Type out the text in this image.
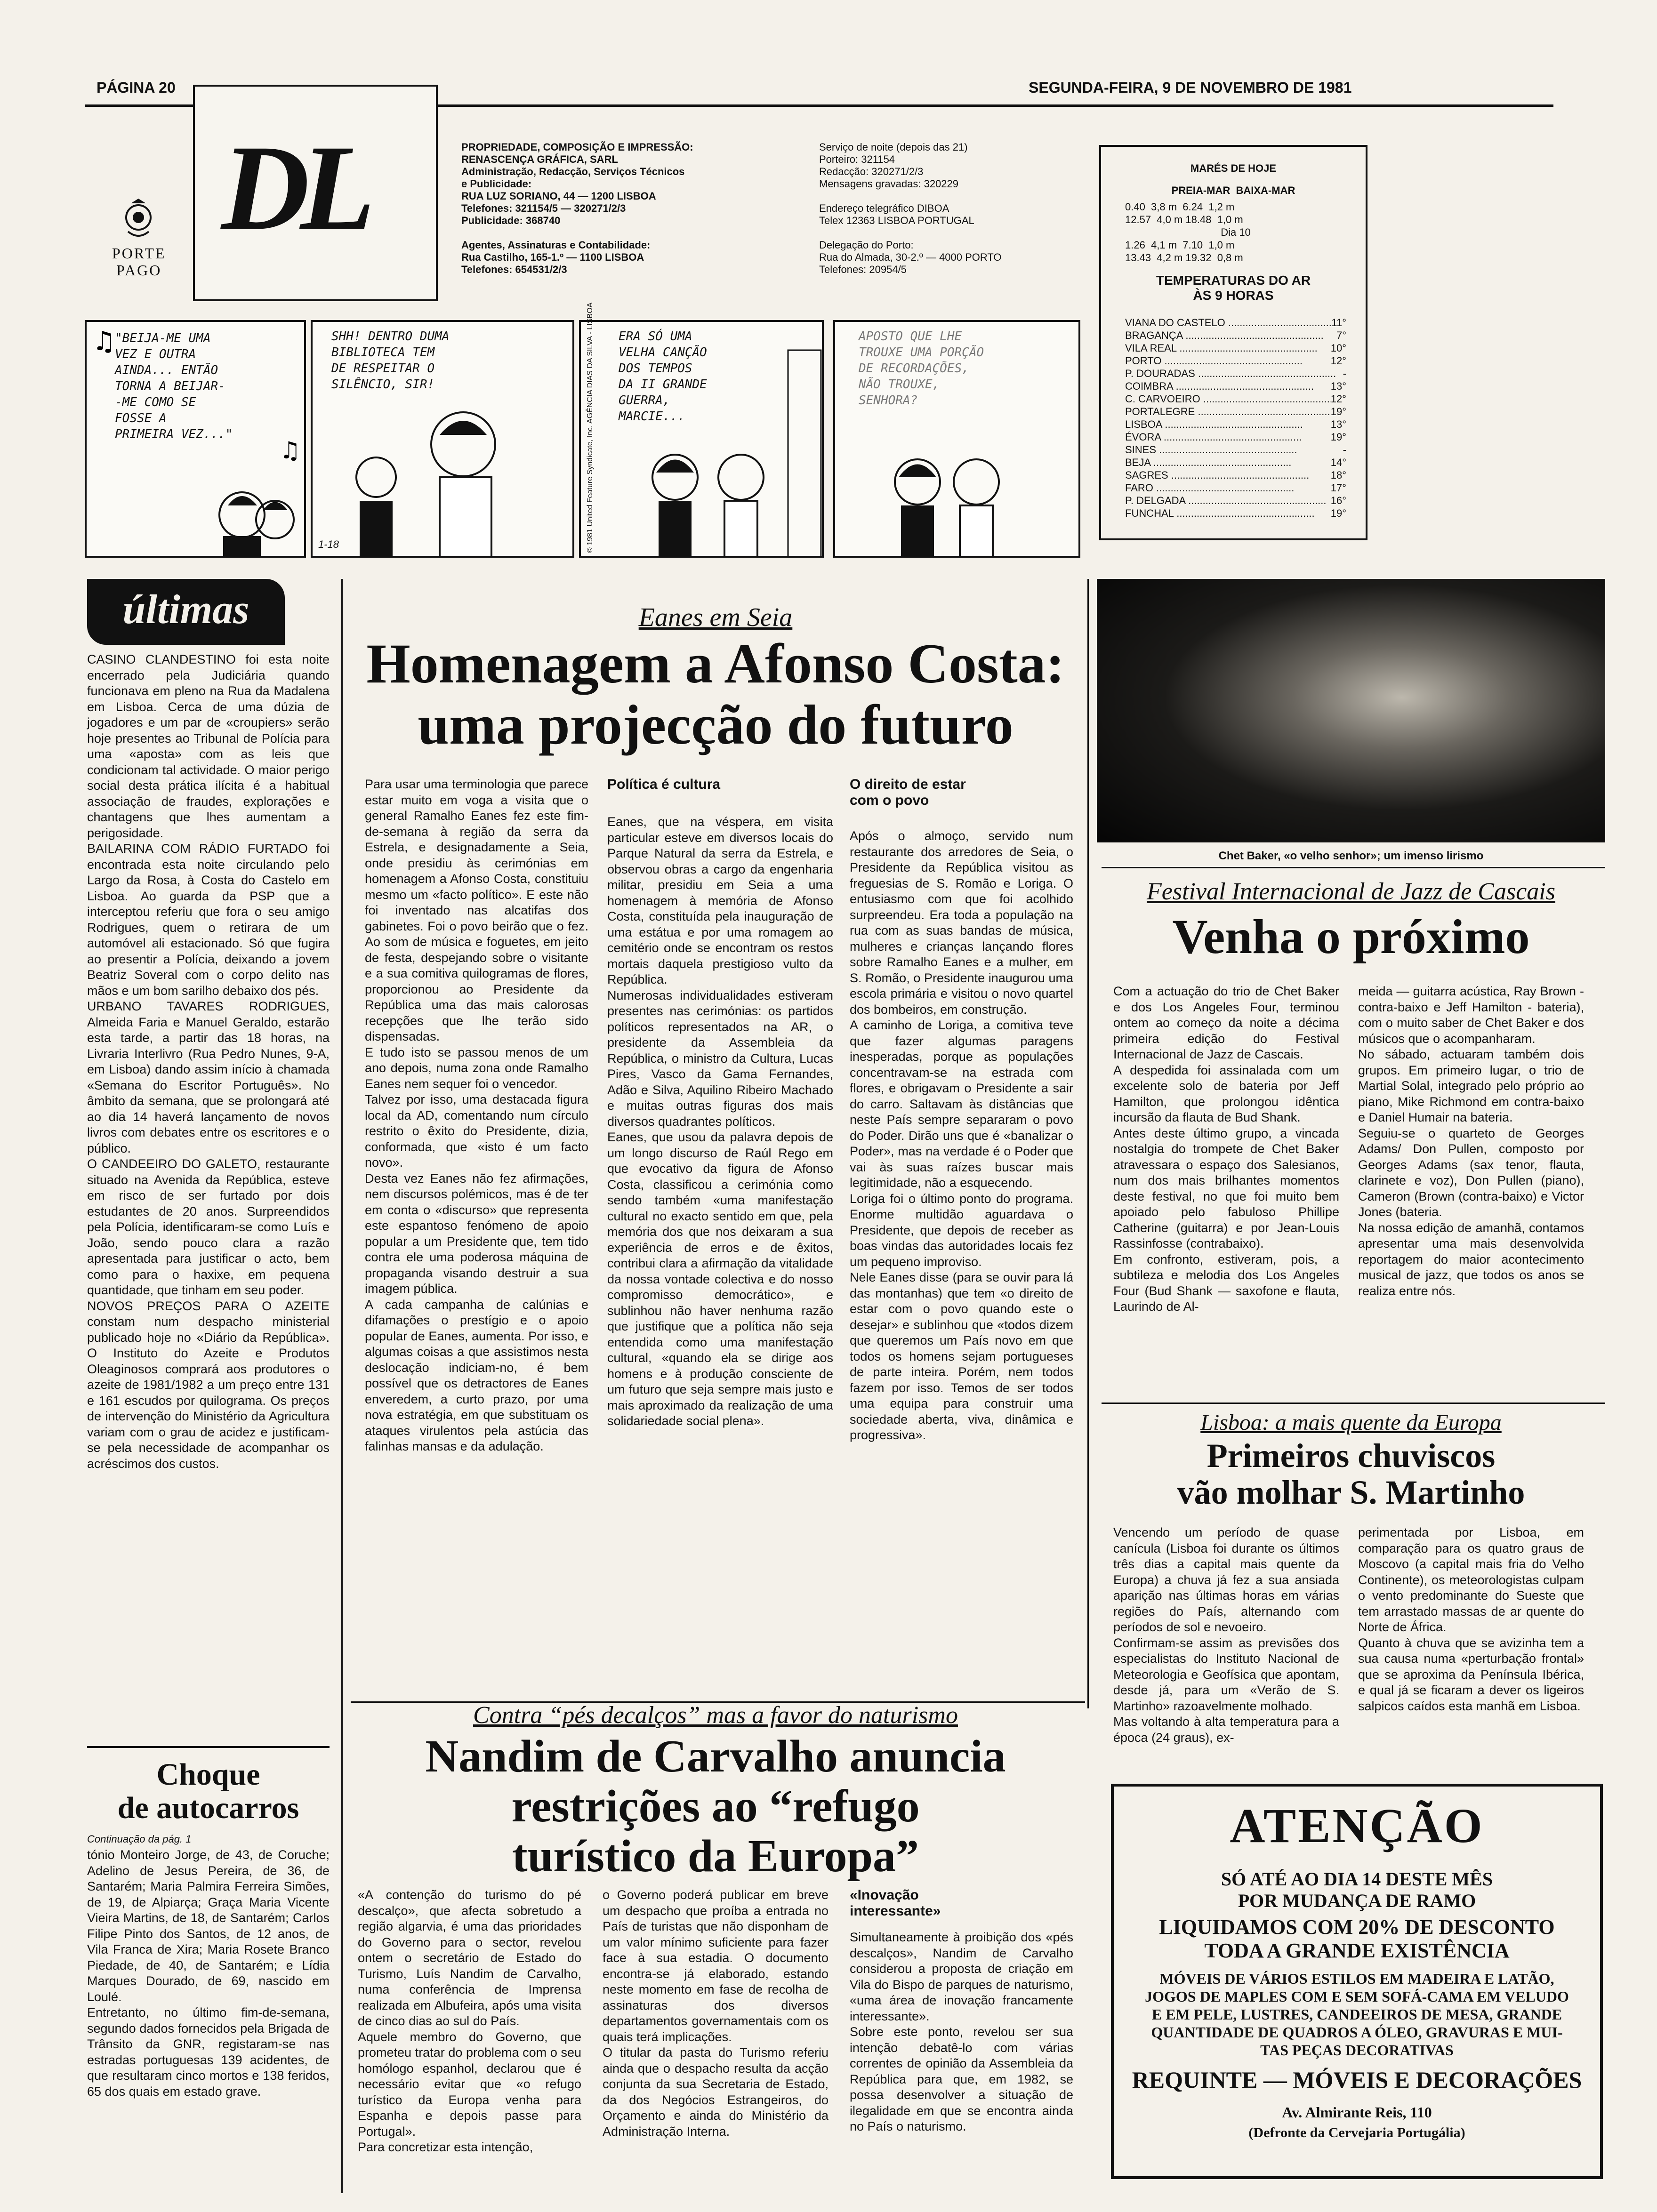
PÁGINA 20	SEGUNDA-FEIRA, 9 DE NOVEMBRO DE 1981
DL
PORTE
PAGO
PROPRIEDADE, COMPOSIÇÃO E IMPRESSÃO:
RENASCENÇA GRÁFICA, SARL
Administração, Redacção, Serviços Técnicos
e Publicidade:
RUA LUZ SORIANO, 44 — 1200 LISBOA
Telefones: 321154/5 — 320271/2/3
Publicidade: 368740

Agentes, Assinaturas e Contabilidade:
Rua Castilho, 165-1.º — 1100 LISBOA
Telefones: 654531/2/3
Serviço de noite (depois das 21)
Porteiro: 321154
Redacção: 320271/2/3
Mensagens gravadas: 320229

Endereço telegráfico DIBOA
Telex 12363 LISBOA PORTUGAL

Delegação do Porto:
Rua do Almada, 30-2.º — 4000 PORTO
Telefones: 20954/5
MARÉS DE HOJE
PREIA-MAR  BAIXA-MAR
0.40  3,8 m  6.24  1,2 m
12.57  4,0 m 18.48  1,0 m
Dia 10
1.26  4,1 m  7.10  1,0 m
13.43  4,2 m 19.32  0,8 m
TEMPERATURAS DO AR
ÀS 9 HORAS
VIANA DO CASTELO .....	11°
BRAGANÇA .....	7°
VILA REAL .....	10°
PORTO .....	12°
P. DOURADAS .....	-
COIMBRA .....	13°
C. CARVOEIRO .....	12°
PORTALEGRE .....	19°
LISBOA .....	13°
ÉVORA .....	19°
SINES .....	-
BEJA .....	14°
SAGRES .....	18°
FARO .....	17°
P. DELGADA .....	16°
FUNCHAL .....	19°
"BEIJA-ME UMA
VEZ E OUTRA
AINDA... ENTÃO
TORNA A BEIJAR-
-ME COMO SE
FOSSE A
PRIMEIRA VEZ..."
♫
♫
SHH! DENTRO DUMA
BIBLIOTECA TEM
DE RESPEITAR O
SILÊNCIO, SIR!
1-18
ERA SÓ UMA
VELHA CANÇÃO
DOS TEMPOS
DA II GRANDE
GUERRA,
MARCIE...
© 1981 United Feature Syndicate, Inc. AGÊNCIA DIAS DA SILVA - LISBOA	APOSTO QUE LHE
TROUXE UMA PORÇÃO
DE RECORDAÇÕES,
NÃO TROUXE,
SENHORA?
últimas
CASINO CLANDESTINO foi esta noite encerrado pela Judiciária quando funcionava em pleno na Rua da Madalena em Lisboa. Cerca de uma dúzia de jogadores e um par de «croupiers» serão hoje presentes ao Tribunal de Polícia para uma «aposta» com as leis que condicionam tal actividade. O maior perigo social desta prática ilícita é a habitual associação de fraudes, explorações e chantagens que lhes aumentam a perigosidade.
BAILARINA COM RÁDIO FURTADO foi encontrada esta noite circulando pelo Largo da Rosa, à Costa do Castelo em Lisboa. Ao guarda da PSP que a interceptou referiu que fora o seu amigo Rodrigues, quem o retirara de um automóvel ali estacionado. Só que fugira ao presentir a Polícia, deixando a jovem Beatriz Soveral com o corpo delito nas mãos e um bom sarilho debaixo dos pés.
URBANO TAVARES RODRIGUES, Almeida Faria e Manuel Geraldo, estarão esta tarde, a partir das 18 horas, na Livraria Interlivro (Rua Pedro Nunes, 9-A, em Lisboa) dando assim início à chamada «Semana do Escritor Português». No âmbito da semana, que se prolongará até ao dia 14 haverá lançamento de novos livros com debates entre os escritores e o público.
O CANDEEIRO DO GALETO, restaurante situado na Avenida da República, esteve em risco de ser furtado por dois estudantes de 20 anos. Surpreendidos pela Polícia, identificaram-se como Luís e João, sendo pouco clara a razão apresentada para justificar o acto, bem como para o haxixe, em pequena quantidade, que tinham em seu poder.
NOVOS PREÇOS PARA O AZEITE constam num despacho ministerial publicado hoje no «Diário da República». O Instituto do Azeite e Produtos Oleaginosos comprará aos produtores o azeite de 1981/1982 a um preço entre 131 e 161 escudos por quilograma. Os preços de intervenção do Ministério da Agricultura variam com o grau de acidez e justificam-se pela necessidade de acompanhar os acréscimos dos custos.
Choque
de autocarros
Continuação da pág. 1
tónio Monteiro Jorge, de 43, de Coruche; Adelino de Jesus Pereira, de 36, de Santarém; Maria Palmira Ferreira Simões, de 19, de Alpiarça; Graça Maria Vicente Vieira Martins, de 18, de Santarém; Carlos Filipe Pinto dos Santos, de 12 anos, de Vila Franca de Xira; Maria Rosete Branco Piedade, de 40, de Santarém; e Lídia Marques Dourado, de 69, nascido em Loulé.
Entretanto, no último fim-de-semana, segundo dados fornecidos pela Brigada de Trânsito da GNR, registaram-se nas estradas portuguesas 139 acidentes, de que resultaram cinco mortos e 138 feridos, 65 dos quais em estado grave.
Eanes em Seia
Homenagem a Afonso Costa:
uma projecção do futuro
Para usar uma terminologia que parece estar muito em voga a visita que o general Ramalho Eanes fez este fim-de-semana à região da serra da Estrela, e designadamente a Seia, onde presidiu às cerimónias em homenagem a Afonso Costa, constituiu mesmo um «facto político». E este não foi inventado nas alcatifas dos gabinetes. Foi o povo beirão que o fez. Ao som de música e foguetes, em jeito de festa, despejando sobre o visitante e a sua comitiva quilogramas de flores, proporcionou ao Presidente da República uma das mais calorosas recepções que lhe terão sido dispensadas.
E tudo isto se passou menos de um ano depois, numa zona onde Ramalho Eanes nem sequer foi o vencedor.
Talvez por isso, uma destacada figura local da AD, comentando num círculo restrito o êxito do Presidente, dizia, conformada, que «isto é um facto novo».
Desta vez Eanes não fez afirmações, nem discursos polémicos, mas é de ter em conta o «discurso» que representa este espantoso fenómeno de apoio popular a um Presidente que, tem tido contra ele uma poderosa máquina de propaganda visando destruir a sua imagem pública.
A cada campanha de calúnias e difamações o prestígio e o apoio popular de Eanes, aumenta. Por isso, e algumas coisas a que assistimos nesta deslocação indiciam-no, é bem possível que os detractores de Eanes enveredem, a curto prazo, por uma nova estratégia, em que substituam os ataques virulentos pela astúcia das falinhas mansas e da adulação.
Política é cultura
Eanes, que na véspera, em visita particular esteve em diversos locais do Parque Natural da serra da Estrela, e observou obras a cargo da engenharia militar, presidiu em Seia a uma homenagem à memória de Afonso Costa, constituída pela inauguração de uma estátua e por uma romagem ao cemitério onde se encontram os restos mortais daquela prestigioso vulto da República.
Numerosas individualidades estiveram presentes nas cerimónias: os partidos políticos representados na AR, o presidente da Assembleia da República, o ministro da Cultura, Lucas Pires, Vasco da Gama Fernandes, Adão e Silva, Aquilino Ribeiro Machado e muitas outras figuras dos mais diversos quadrantes políticos.
Eanes, que usou da palavra depois de um longo discurso de Raúl Rego em que evocativo da figura de Afonso Costa, classificou a cerimónia como sendo também «uma manifestação cultural no exacto sentido em que, pela memória dos que nos deixaram a sua experiência de erros e de êxitos, contribui clara a afirmação da vitalidade da nossa vontade colectiva e do nosso compromisso democrático», e sublinhou não haver nenhuma razão que justifique que a política não seja entendida como uma manifestação cultural, «quando ela se dirige aos homens e à produção consciente de um futuro que seja sempre mais justo e mais aproximado da realização de uma solidariedade social plena».
O direito de estar
com o povo
Após o almoço, servido num restaurante dos arredores de Seia, o Presidente da República visitou as freguesias de S. Romão e Loriga. O entusiasmo com que foi acolhido surpreendeu. Era toda a população na rua com as suas bandas de música, mulheres e crianças lançando flores sobre Ramalho Eanes e a mulher, em S. Romão, o Presidente inaugurou uma escola primária e visitou o novo quartel dos bombeiros, em construção.
A caminho de Loriga, a comitiva teve que fazer algumas paragens inesperadas, porque as populações concentravam-se na estrada com flores, e obrigavam o Presidente a sair do carro. Saltavam às distâncias que neste País sempre separaram o povo do Poder. Dirão uns que é «banalizar o Poder», mas na verdade é o Poder que vai às suas raízes buscar mais legitimidade, não a esquecendo.
Loriga foi o último ponto do programa. Enorme multidão aguardava o Presidente, que depois de receber as boas vindas das autoridades locais fez um pequeno improviso.
Nele Eanes disse (para se ouvir para lá das montanhas) que tem «o direito de estar com o povo quando este o desejar» e sublinhou que «todos dizem que queremos um País novo em que todos os homens sejam portugueses de parte inteira. Porém, nem todos fazem por isso. Temos de ser todos uma equipa para construir uma sociedade aberta, viva, dinâmica e progressiva».
Chet Baker, «o velho senhor»; um imenso lirismo
Festival Internacional de Jazz de Cascais
Venha o próximo
Com a actuação do trio de Chet Baker e dos Los Angeles Four, terminou ontem ao começo da noite a décima primeira edição do Festival Internacional de Jazz de Cascais.
A despedida foi assinalada com um excelente solo de bateria por Jeff Hamilton, que prolongou idêntica incursão da flauta de Bud Shank.
Antes deste último grupo, a vincada nostalgia do trompete de Chet Baker atravessara o espaço dos Salesianos, num dos mais brilhantes momentos deste festival, no que foi muito bem apoiado pelo fabuloso Phillipe Catherine (guitarra) e por Jean-Louis Rassinfosse (contrabaixo).
Em confronto, estiveram, pois, a subtileza e melodia dos Los Angeles Four (Bud Shank — saxofone e flauta, Laurindo de Al-
meida — guitarra acústica, Ray Brown - contra-baixo e Jeff Hamilton - bateria), com o muito saber de Chet Baker e dos músicos que o acompanharam.
No sábado, actuaram também dois grupos. Em primeiro lugar, o trio de Martial Solal, integrado pelo próprio ao piano, Mike Richmond em contra-baixo e Daniel Humair na bateria.
Seguiu-se o quarteto de Georges Adams/ Don Pullen, composto por Georges Adams (sax tenor, flauta, clarinete e voz), Don Pullen (piano), Cameron (Brown (contra-baixo) e Victor Jones (bateria.
Na nossa edição de amanhã, contamos apresentar uma mais desenvolvida reportagem do maior acontecimento musical de jazz, que todos os anos se realiza entre nós.
Lisboa: a mais quente da Europa
Primeiros chuviscos
vão molhar S. Martinho
Vencendo um período de quase canícula (Lisboa foi durante os últimos três dias a capital mais quente da Europa) a chuva já fez a sua ansiada aparição nas últimas horas em várias regiões do País, alternando com períodos de sol e nevoeiro.
Confirmam-se assim as previsões dos especialistas do Instituto Nacional de Meteorologia e Geofísica que apontam, desde já, para um «Verão de S. Martinho» razoavelmente molhado.
Mas voltando à alta temperatura para a época (24 graus), ex-
perimentada por Lisboa, em comparação para os quatro graus de Moscovo (a capital mais fria do Velho Continente), os meteorologistas culpam o vento predominante do Sueste que tem arrastado massas de ar quente do Norte de África.
Quanto à chuva que se avizinha tem a sua causa numa «perturbação frontal» que se aproxima da Península Ibérica, e qual já se ficaram a dever os ligeiros salpicos caídos esta manhã em Lisboa.
Contra “pés decalços” mas a favor do naturismo
Nandim de Carvalho anuncia
restrições ao “refugo
turístico da Europa”
«A contenção do turismo do pé descalço», que afecta sobretudo a região algarvia, é uma das prioridades do Governo para o sector, revelou ontem o secretário de Estado do Turismo, Luís Nandim de Carvalho, numa conferência de Imprensa realizada em Albufeira, após uma visita de cinco dias ao sul do País.
Aquele membro do Governo, que prometeu tratar do problema com o seu homólogo espanhol, declarou que é necessário evitar que «o refugo turístico da Europa venha para Espanha e depois passe para Portugal».
Para concretizar esta intenção,
o Governo poderá publicar em breve um despacho que proíba a entrada no País de turistas que não disponham de um valor mínimo suficiente para fazer face à sua estadia. O documento encontra-se já elaborado, estando neste momento em fase de recolha de assinaturas dos diversos departamentos governamentais com os quais terá implicações.
O titular da pasta do Turismo referiu ainda que o despacho resulta da acção conjunta da sua Secretaria de Estado, da dos Negócios Estrangeiros, do Orçamento e ainda do Ministério da Administração Interna.
«Inovação
interessante»
Simultaneamente à proibição dos «pés descalços», Nandim de Carvalho considerou a proposta de criação em Vila do Bispo de parques de naturismo, «uma área de inovação francamente interessante».
Sobre este ponto, revelou ser sua intenção debatê-lo com várias correntes de opinião da Assembleia da República para que, em 1982, se possa desenvolver a situação de ilegalidade em que se encontra ainda no País o naturismo.
ATENÇÃO
SÓ ATÉ AO DIA 14 DESTE MÊS
POR MUDANÇA DE RAMO
LIQUIDAMOS COM 20% DE DESCONTO
TODA A GRANDE EXISTÊNCIA
MÓVEIS DE VÁRIOS ESTILOS EM MADEIRA E LATÃO,
JOGOS DE MAPLES COM E SEM SOFÁ-CAMA EM VELUDO
E EM PELE, LUSTRES, CANDEEIROS DE MESA, GRANDE
QUANTIDADE DE QUADROS A ÓLEO, GRAVURAS E MUI-
TAS PEÇAS DECORATIVAS
REQUINTE — MÓVEIS E DECORAÇÕES
Av. Almirante Reis, 110
(Defronte da Cervejaria Portugália)
